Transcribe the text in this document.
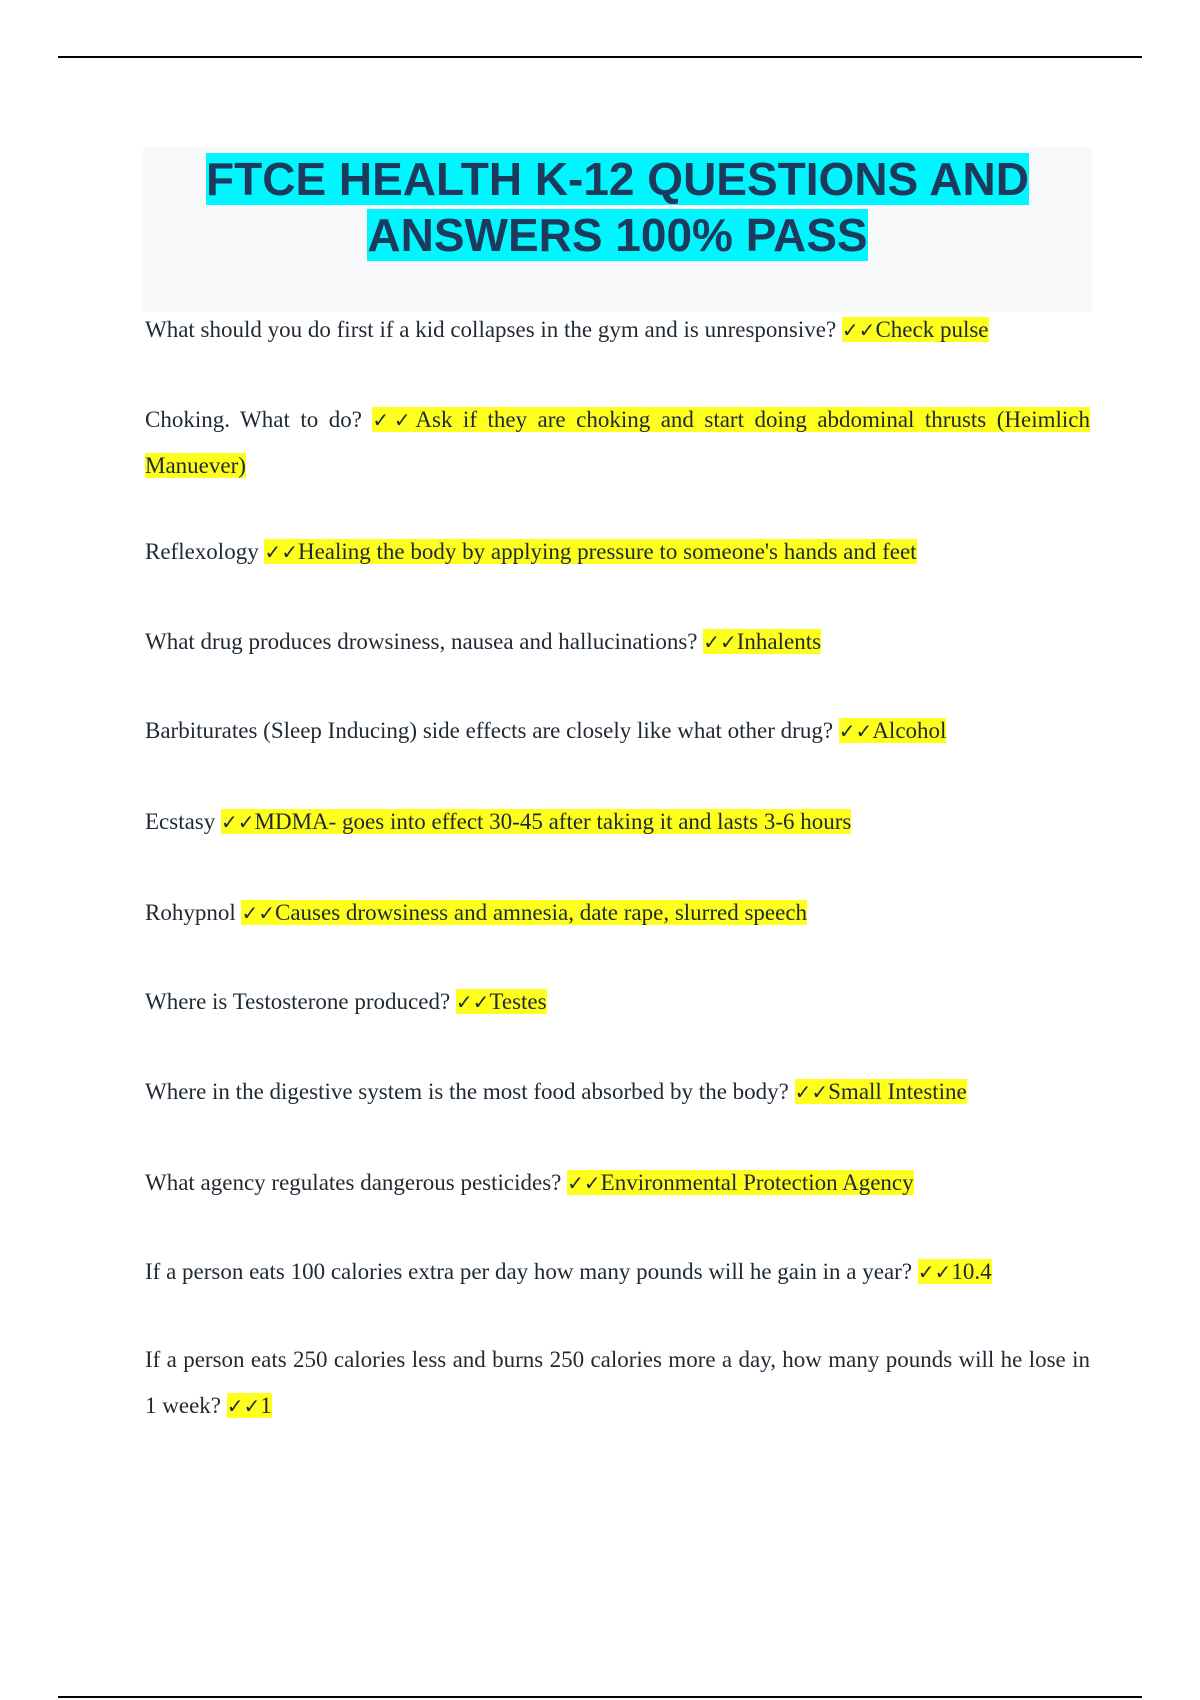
FTCE HEALTH K-12 QUESTIONS AND
ANSWERS 100% PASS

What should you do first if a kid collapses in the gym and is unresponsive? ✓✓Check pulse

Choking. What to do? ✓✓Ask if they are choking and start doing abdominal thrusts (Heimlich Manuever)

Reflexology ✓✓Healing the body by applying pressure to someone's hands and feet

What drug produces drowsiness, nausea and hallucinations? ✓✓Inhalents

Barbiturates (Sleep Inducing) side effects are closely like what other drug? ✓✓Alcohol

Ecstasy ✓✓MDMA- goes into effect 30-45 after taking it and lasts 3-6 hours

Rohypnol ✓✓Causes drowsiness and amnesia, date rape, slurred speech

Where is Testosterone produced? ✓✓Testes

Where in the digestive system is the most food absorbed by the body? ✓✓Small Intestine

What agency regulates dangerous pesticides? ✓✓Environmental Protection Agency

If a person eats 100 calories extra per day how many pounds will he gain in a year? ✓✓10.4

If a person eats 250 calories less and burns 250 calories more a day, how many pounds will he lose in 1 week? ✓✓1
